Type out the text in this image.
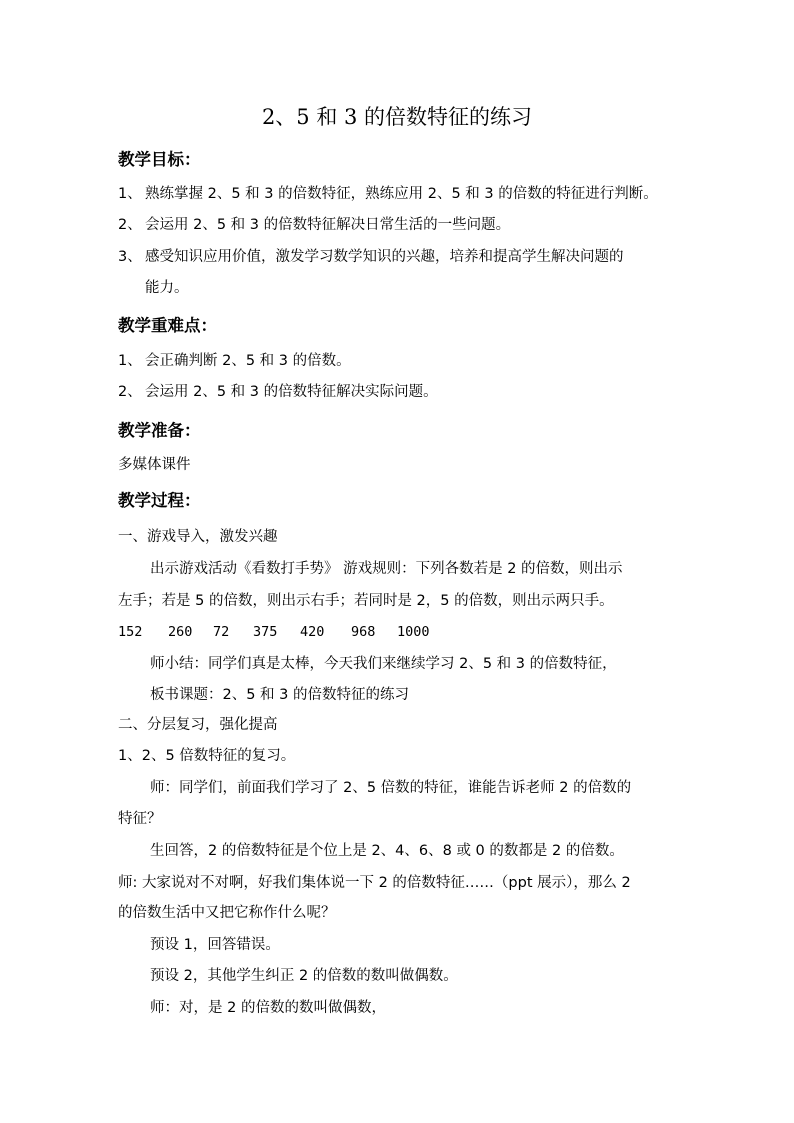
2、5 和 3 的倍数特征的练习
教学目标：
1、 熟练掌握 2、5 和 3 的倍数特征，熟练应用 2、5 和 3 的倍数的特征进行判断。
2、 会运用 2、5 和 3 的倍数特征解决日常生活的一些问题。
3、 感受知识应用价值，激发学习数学知识的兴趣，培养和提高学生解决问题的
能力。
教学重难点：
1、 会正确判断 2、5 和 3 的倍数。
2、 会运用 2、5 和 3 的倍数特征解决实际问题。
教学准备：
多媒体课件
教学过程：
一、游戏导入，激发兴趣
出示游戏活动《看数打手势》 游戏规则：下列各数若是 2 的倍数，则出示
左手；若是 5 的倍数，则出示右手；若同时是 2，5 的倍数，则出示两只手。
152 260 72 375 420 968 1000
师小结：同学们真是太棒，今天我们来继续学习 2、5 和 3 的倍数特征，
板书课题：2、5 和 3 的倍数特征的练习
二、分层复习，强化提高
1、2、5 倍数特征的复习。
师：同学们，前面我们学习了 2、5 倍数的特征，谁能告诉老师 2 的倍数的
特征？
生回答，2 的倍数特征是个位上是 2、4、6、8 或 0 的数都是 2 的倍数。
师: 大家说对不对啊，好我们集体说一下 2 的倍数特征……（ppt 展示），那么 2
的倍数生活中又把它称作什么呢？
预设 1，回答错误。
预设 2，其他学生纠正 2 的倍数的数叫做偶数。
师：对，是 2 的倍数的数叫做偶数，
